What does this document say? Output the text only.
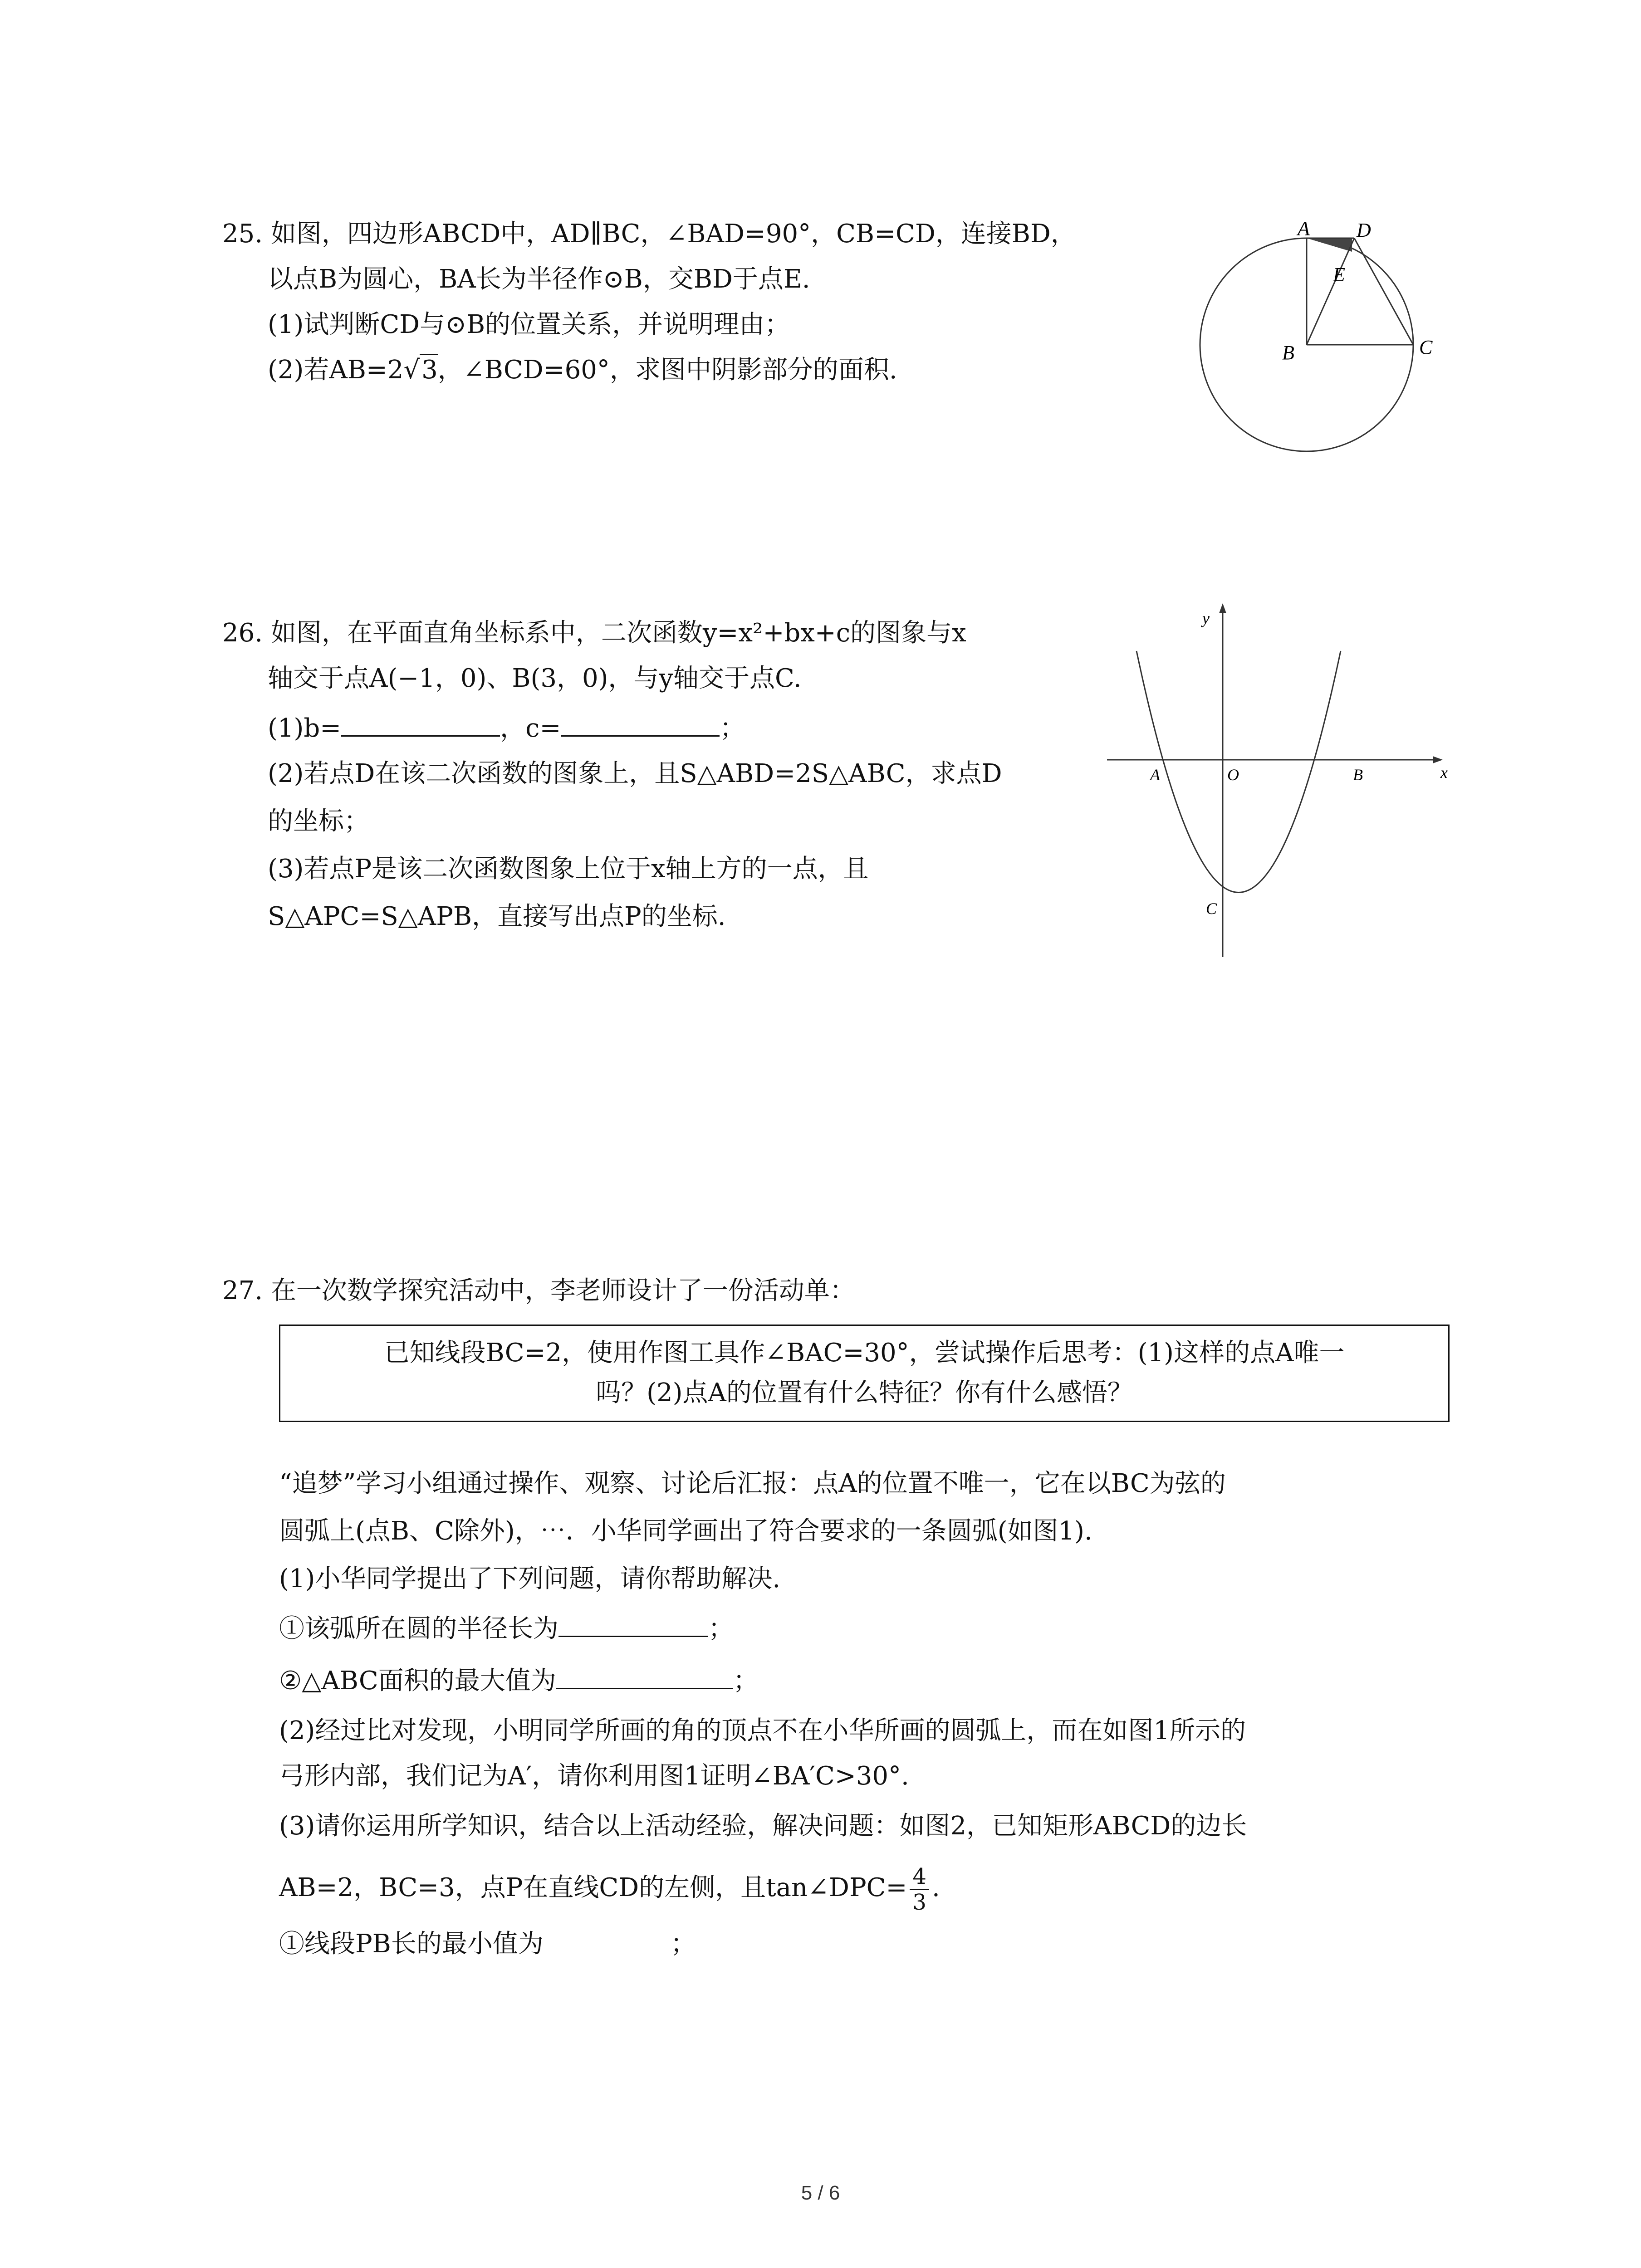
25. 如图，四边形ABCD中，AD∥BC，∠BAD=90°，CB=CD，连接BD，
以点B为圆心，BA长为半径作⊙B，交BD于点E.
(1)试判断CD与⊙B的位置关系，并说明理由；
(2)若AB=2√3，∠BCD=60°，求图中阴影部分的面积.
A D
E
B	C
26. 如图，在平面直角坐标系中，二次函数y=x²+bx+c的图象与x
轴交于点A(−1，0)、B(3，0)，与y轴交于点C.
(1)b=	，c=	；
(2)若点D在该二次函数的图象上，且S△ABD=2S△ABC，求点D
的坐标；
(3)若点P是该二次函数图象上位于x轴上方的一点，且
S△APC=S△APB，直接写出点P的坐标.
y
x
A	O	B
C
27. 在一次数学探究活动中，李老师设计了一份活动单：
已知线段BC=2，使用作图工具作∠BAC=30°，尝试操作后思考：(1)这样的点A唯一
吗？(2)点A的位置有什么特征？你有什么感悟？
“追梦”学习小组通过操作、观察、讨论后汇报：点A的位置不唯一，它在以BC为弦的
圆弧上(点B、C除外)，⋯．小华同学画出了符合要求的一条圆弧(如图1).
(1)小华同学提出了下列问题，请你帮助解决.
①该弧所在圆的半径长为	；
②△ABC面积的最大值为	；
(2)经过比对发现，小明同学所画的角的顶点不在小华所画的圆弧上，而在如图1所示的
弓形内部，我们记为A′，请你利用图1证明∠BA′C>30°.
(3)请你运用所学知识，结合以上活动经验，解决问题：如图2，已知矩形ABCD的边长
AB=2，BC=3，点P在直线CD的左侧，且tan∠DPC= $\frac{4}{3}$ .
①线段PB长的最小值为	；
5 / 6
